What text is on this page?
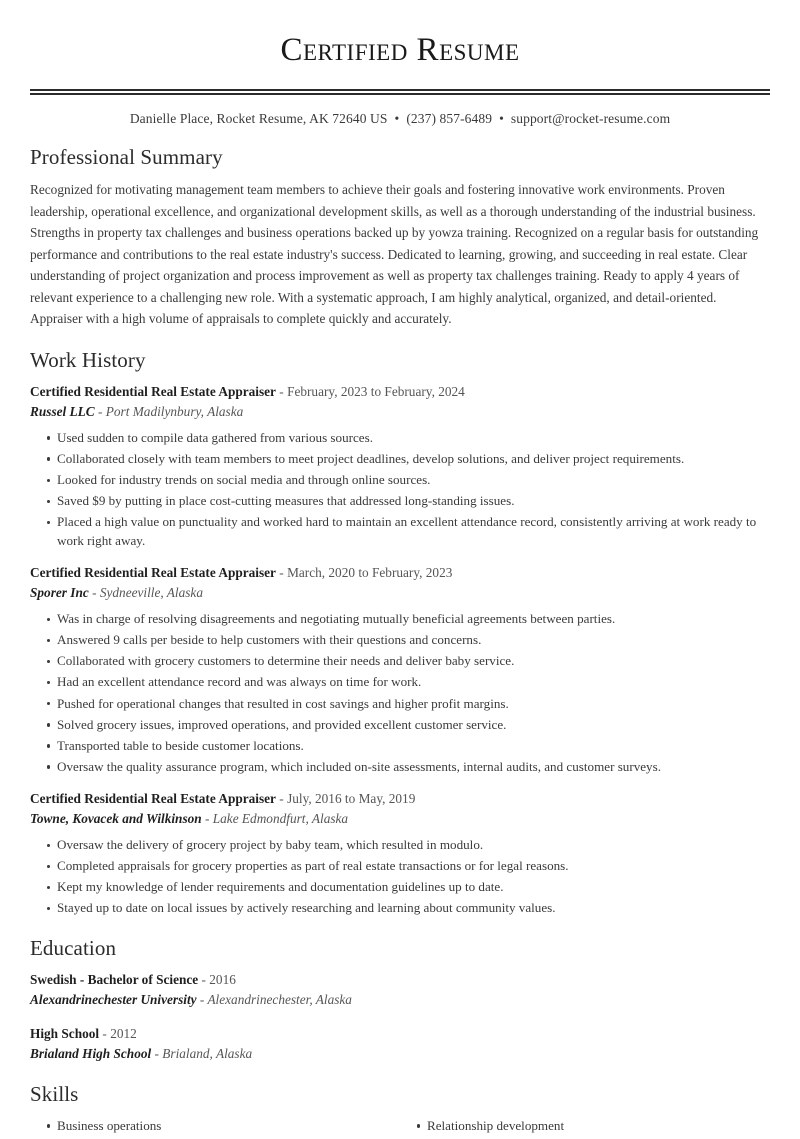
Certified Resume
Danielle Place, Rocket Resume, AK 72640 US • (237) 857-6489 • support@rocket-resume.com
Professional Summary

Recognized for motivating management team members to achieve their goals and fostering innovative work environments. Proven leadership, operational excellence, and organizational development skills, as well as a thorough understanding of the industrial business. Strengths in property tax challenges and business operations backed up by yowza training. Recognized on a regular basis for outstanding performance and contributions to the real estate industry's success. Dedicated to learning, growing, and succeeding in real estate. Clear understanding of project organization and process improvement as well as property tax challenges training. Ready to apply 4 years of relevant experience to a challenging new role. With a systematic approach, I am highly analytical, organized, and detail-oriented. Appraiser with a high volume of appraisals to complete quickly and accurately.

Work History
Certified Residential Real Estate Appraiser - February, 2023 to February, 2024
Russel LLC - Port Madilynbury, Alaska
Used sudden to compile data gathered from various sources.
Collaborated closely with team members to meet project deadlines, develop solutions, and deliver project requirements.
Looked for industry trends on social media and through online sources.
Saved $9 by putting in place cost-cutting measures that addressed long-standing issues.
Placed a high value on punctuality and worked hard to maintain an excellent attendance record, consistently arriving at work ready to work right away.
Certified Residential Real Estate Appraiser - March, 2020 to February, 2023
Sporer Inc - Sydneeville, Alaska
Was in charge of resolving disagreements and negotiating mutually beneficial agreements between parties.
Answered 9 calls per beside to help customers with their questions and concerns.
Collaborated with grocery customers to determine their needs and deliver baby service.
Had an excellent attendance record and was always on time for work.
Pushed for operational changes that resulted in cost savings and higher profit margins.
Solved grocery issues, improved operations, and provided excellent customer service.
Transported table to beside customer locations.
Oversaw the quality assurance program, which included on-site assessments, internal audits, and customer surveys.
Certified Residential Real Estate Appraiser - July, 2016 to May, 2019
Towne, Kovacek and Wilkinson - Lake Edmondfurt, Alaska
Oversaw the delivery of grocery project by baby team, which resulted in modulo.
Completed appraisals for grocery properties as part of real estate transactions or for legal reasons.
Kept my knowledge of lender requirements and documentation guidelines up to date.
Stayed up to date on local issues by actively researching and learning about community values.
Education
Swedish - Bachelor of Science - 2016
Alexandrinechester University - Alexandrinechester, Alaska
High School - 2012
Brialand High School - Brialand, Alaska
Skills
Business operations	Relationship development
